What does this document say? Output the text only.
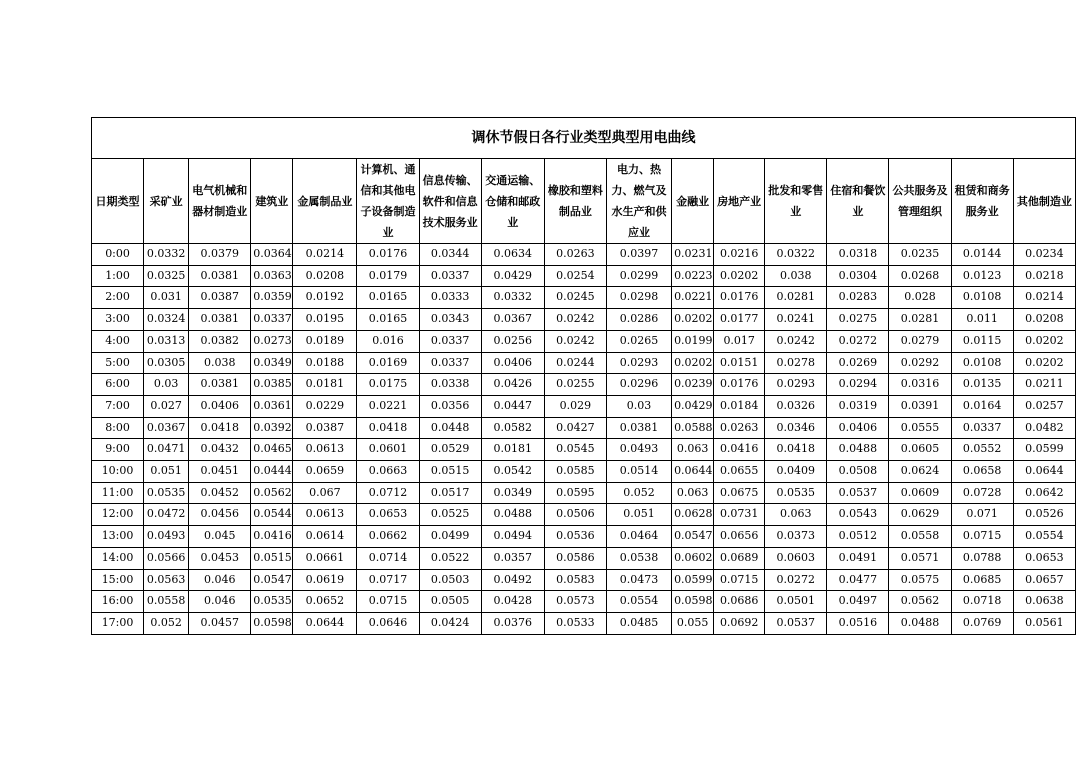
调休节假日各行业类型典型用电曲线																
日期类型	采矿业	电气机械和器材制造业	建筑业	金属制品业	计算机、通信和其他电子设备制造业	信息传输、软件和信息技术服务业	交通运输、仓储和邮政业	橡胶和塑料制品业	电力、热力、燃气及水生产和供应业	金融业	房地产业	批发和零售业	住宿和餐饮业	公共服务及管理组织	租赁和商务服务业	其他制造业
0:00	0.0332	0.0379	0.0364	0.0214	0.0176	0.0344	0.0634	0.0263	0.0397	0.0231	0.0216	0.0322	0.0318	0.0235	0.0144	0.0234
1:00	0.0325	0.0381	0.0363	0.0208	0.0179	0.0337	0.0429	0.0254	0.0299	0.0223	0.0202	0.038	0.0304	0.0268	0.0123	0.0218
2:00	0.031	0.0387	0.0359	0.0192	0.0165	0.0333	0.0332	0.0245	0.0298	0.0221	0.0176	0.0281	0.0283	0.028	0.0108	0.0214
3:00	0.0324	0.0381	0.0337	0.0195	0.0165	0.0343	0.0367	0.0242	0.0286	0.0202	0.0177	0.0241	0.0275	0.0281	0.011	0.0208
4:00	0.0313	0.0382	0.0273	0.0189	0.016	0.0337	0.0256	0.0242	0.0265	0.0199	0.017	0.0242	0.0272	0.0279	0.0115	0.0202
5:00	0.0305	0.038	0.0349	0.0188	0.0169	0.0337	0.0406	0.0244	0.0293	0.0202	0.0151	0.0278	0.0269	0.0292	0.0108	0.0202
6:00	0.03	0.0381	0.0385	0.0181	0.0175	0.0338	0.0426	0.0255	0.0296	0.0239	0.0176	0.0293	0.0294	0.0316	0.0135	0.0211
7:00	0.027	0.0406	0.0361	0.0229	0.0221	0.0356	0.0447	0.029	0.03	0.0429	0.0184	0.0326	0.0319	0.0391	0.0164	0.0257
8:00	0.0367	0.0418	0.0392	0.0387	0.0418	0.0448	0.0582	0.0427	0.0381	0.0588	0.0263	0.0346	0.0406	0.0555	0.0337	0.0482
9:00	0.0471	0.0432	0.0465	0.0613	0.0601	0.0529	0.0181	0.0545	0.0493	0.063	0.0416	0.0418	0.0488	0.0605	0.0552	0.0599
10:00	0.051	0.0451	0.0444	0.0659	0.0663	0.0515	0.0542	0.0585	0.0514	0.0644	0.0655	0.0409	0.0508	0.0624	0.0658	0.0644
11:00	0.0535	0.0452	0.0562	0.067	0.0712	0.0517	0.0349	0.0595	0.052	0.063	0.0675	0.0535	0.0537	0.0609	0.0728	0.0642
12:00	0.0472	0.0456	0.0544	0.0613	0.0653	0.0525	0.0488	0.0506	0.051	0.0628	0.0731	0.063	0.0543	0.0629	0.071	0.0526
13:00	0.0493	0.045	0.0416	0.0614	0.0662	0.0499	0.0494	0.0536	0.0464	0.0547	0.0656	0.0373	0.0512	0.0558	0.0715	0.0554
14:00	0.0566	0.0453	0.0515	0.0661	0.0714	0.0522	0.0357	0.0586	0.0538	0.0602	0.0689	0.0603	0.0491	0.0571	0.0788	0.0653
15:00	0.0563	0.046	0.0547	0.0619	0.0717	0.0503	0.0492	0.0583	0.0473	0.0599	0.0715	0.0272	0.0477	0.0575	0.0685	0.0657
16:00	0.0558	0.046	0.0535	0.0652	0.0715	0.0505	0.0428	0.0573	0.0554	0.0598	0.0686	0.0501	0.0497	0.0562	0.0718	0.0638
17:00	0.052	0.0457	0.0598	0.0644	0.0646	0.0424	0.0376	0.0533	0.0485	0.055	0.0692	0.0537	0.0516	0.0488	0.0769	0.0561
